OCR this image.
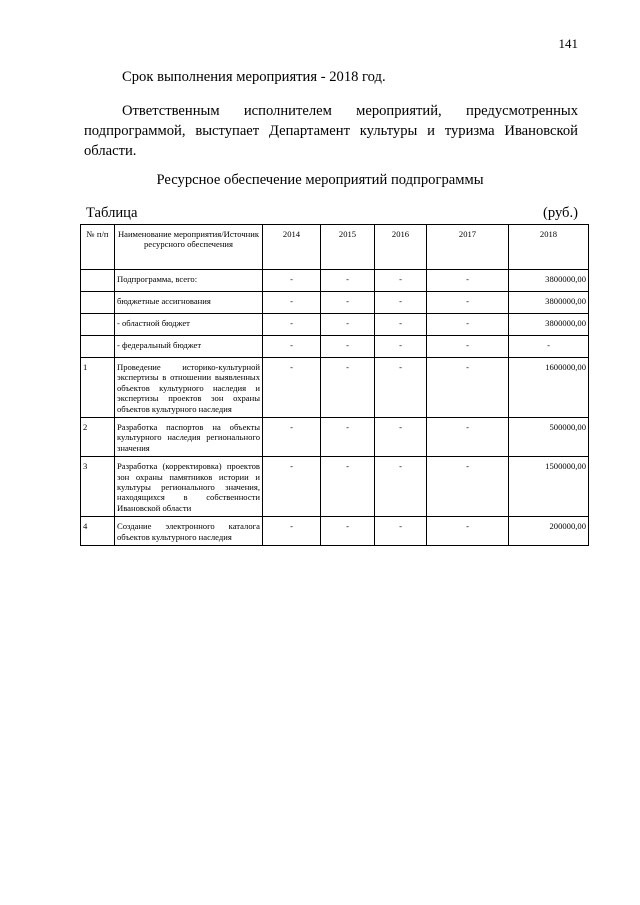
141
Срок выполнения мероприятия - 2018 год.
Ответственным исполнителем мероприятий, предусмотренных подпрограммой, выступает Департамент культуры и туризма Ивановской области.
Ресурсное обеспечение мероприятий подпрограммы
Таблица	(руб.)
№ п/п	Наименование мероприятия/Источник ресурсного обеспечения	2014	2015	2016	2017	2018
	Подпрограмма, всего:	-	-	-	-	3800000,00
	бюджетные ассигнования	-	-	-	-	3800000,00
	- областной бюджет	-	-	-	-	3800000,00
	- федеральный бюджет	-	-	-	-	-
1	Проведение историко-культурной экспертизы в отношении выявленных объектов культурного наследия и экспертизы проектов зон охраны объектов культурного наследия	-	-	-	-	1600000,00
2	Разработка паспортов на объекты культурного наследия регионального значения	-	-	-	-	500000,00
3	Разработка (корректировка) проектов зон охраны памятников истории и культуры регионального значения, находящихся в собственности Ивановской области	-	-	-	-	1500000,00
4	Создание электронного каталога объектов культурного наследия	-	-	-	-	200000,00
